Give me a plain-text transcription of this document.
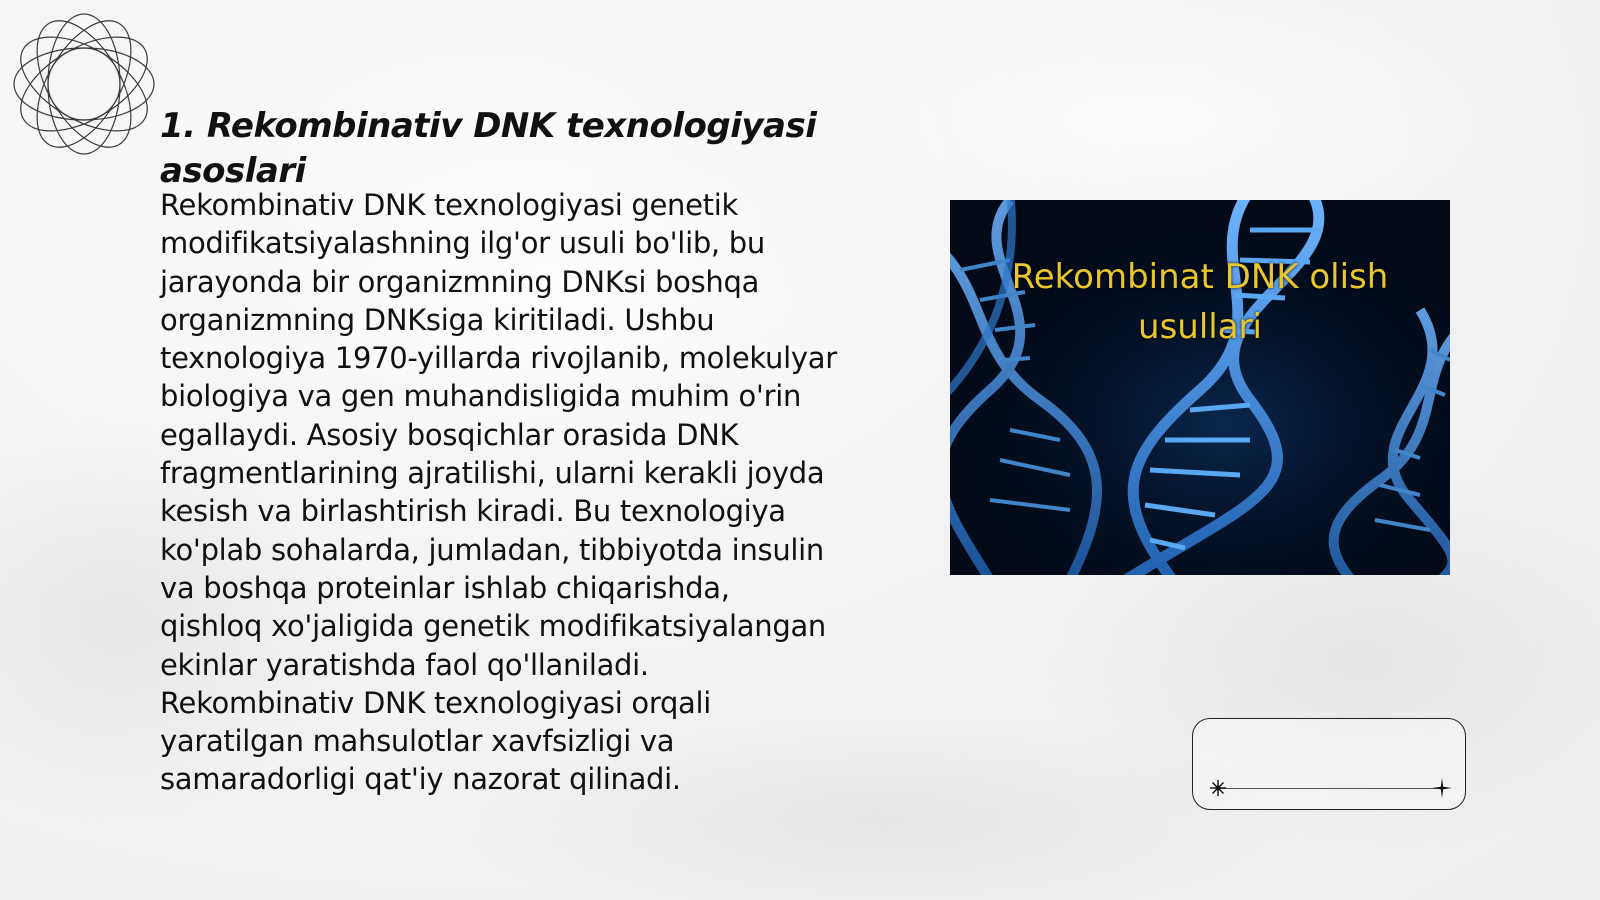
1. Rekombinativ DNK texnologiyasi asoslari

Rekombinativ DNK texnologiyasi genetik modifikatsiyalashning ilg'or usuli bo'lib, bu jarayonda bir organizmning DNKsi boshqa organizmning DNKsiga kiritiladi. Ushbu texnologiya 1970-yillarda rivojlanib, molekulyar biologiya va gen muhandisligida muhim o'rin egallaydi. Asosiy bosqichlar orasida DNK fragmentlarining ajratilishi, ularni kerakli joyda kesish va birlashtirish kiradi. Bu texnologiya ko'plab sohalarda, jumladan, tibbiyotda insulin va boshqa proteinlar ishlab chiqarishda, qishloq xo'jaligida genetik modifikatsiyalangan ekinlar yaratishda faol qo'llaniladi. Rekombinativ DNK texnologiyasi orqali yaratilgan mahsulotlar xavfsizligi va samaradorligi qat'iy nazorat qilinadi.

Rekombinat DNK olish
usullari
